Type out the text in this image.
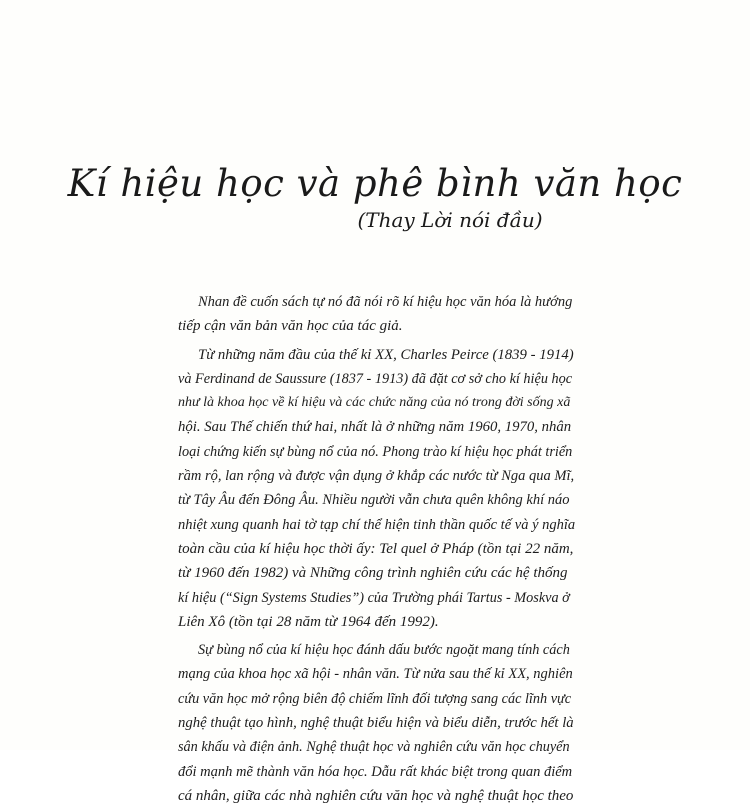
Kí hiệu học và phê bình văn học
(Thay Lời nói đầu)

Nhan đề cuốn sách tự nó đã nói rõ kí hiệu học văn hóa là hướng
tiếp cận văn bản văn học của tác giả.

Từ những năm đầu của thế kỉ XX, Charles Peirce (1839 - 1914)
và Ferdinand de Saussure (1837 - 1913) đã đặt cơ sở cho kí hiệu học
như là khoa học về kí hiệu và các chức năng của nó trong đời sống xã
hội. Sau Thế chiến thứ hai, nhất là ở những năm 1960, 1970, nhân
loại chứng kiến sự bùng nổ của nó. Phong trào kí hiệu học phát triển
rầm rộ, lan rộng và được vận dụng ở khắp các nước từ Nga qua Mĩ,
từ Tây Âu đến Đông Âu. Nhiều người vẫn chưa quên không khí náo
nhiệt xung quanh hai tờ tạp chí thể hiện tinh thần quốc tế và ý nghĩa
toàn cầu của kí hiệu học thời ấy: Tel quel ở Pháp (tồn tại 22 năm,
từ 1960 đến 1982) và Những công trình nghiên cứu các hệ thống
kí hiệu (“Sign Systems Studies”) của Trường phái Tartus - Moskva ở
Liên Xô (tồn tại 28 năm từ 1964 đến 1992).

Sự bùng nổ của kí hiệu học đánh dấu bước ngoặt mang tính cách
mạng của khoa học xã hội - nhân văn. Từ nửa sau thế kỉ XX, nghiên
cứu văn học mở rộng biên độ chiếm lĩnh đối tượng sang các lĩnh vực
nghệ thuật tạo hình, nghệ thuật biểu hiện và biểu diễn, trước hết là
sân khấu và điện ảnh. Nghệ thuật học và nghiên cứu văn học chuyển
đổi mạnh mẽ thành văn hóa học. Dẫu rất khác biệt trong quan điểm
cá nhân, giữa các nhà nghiên cứu văn học và nghệ thuật học theo
